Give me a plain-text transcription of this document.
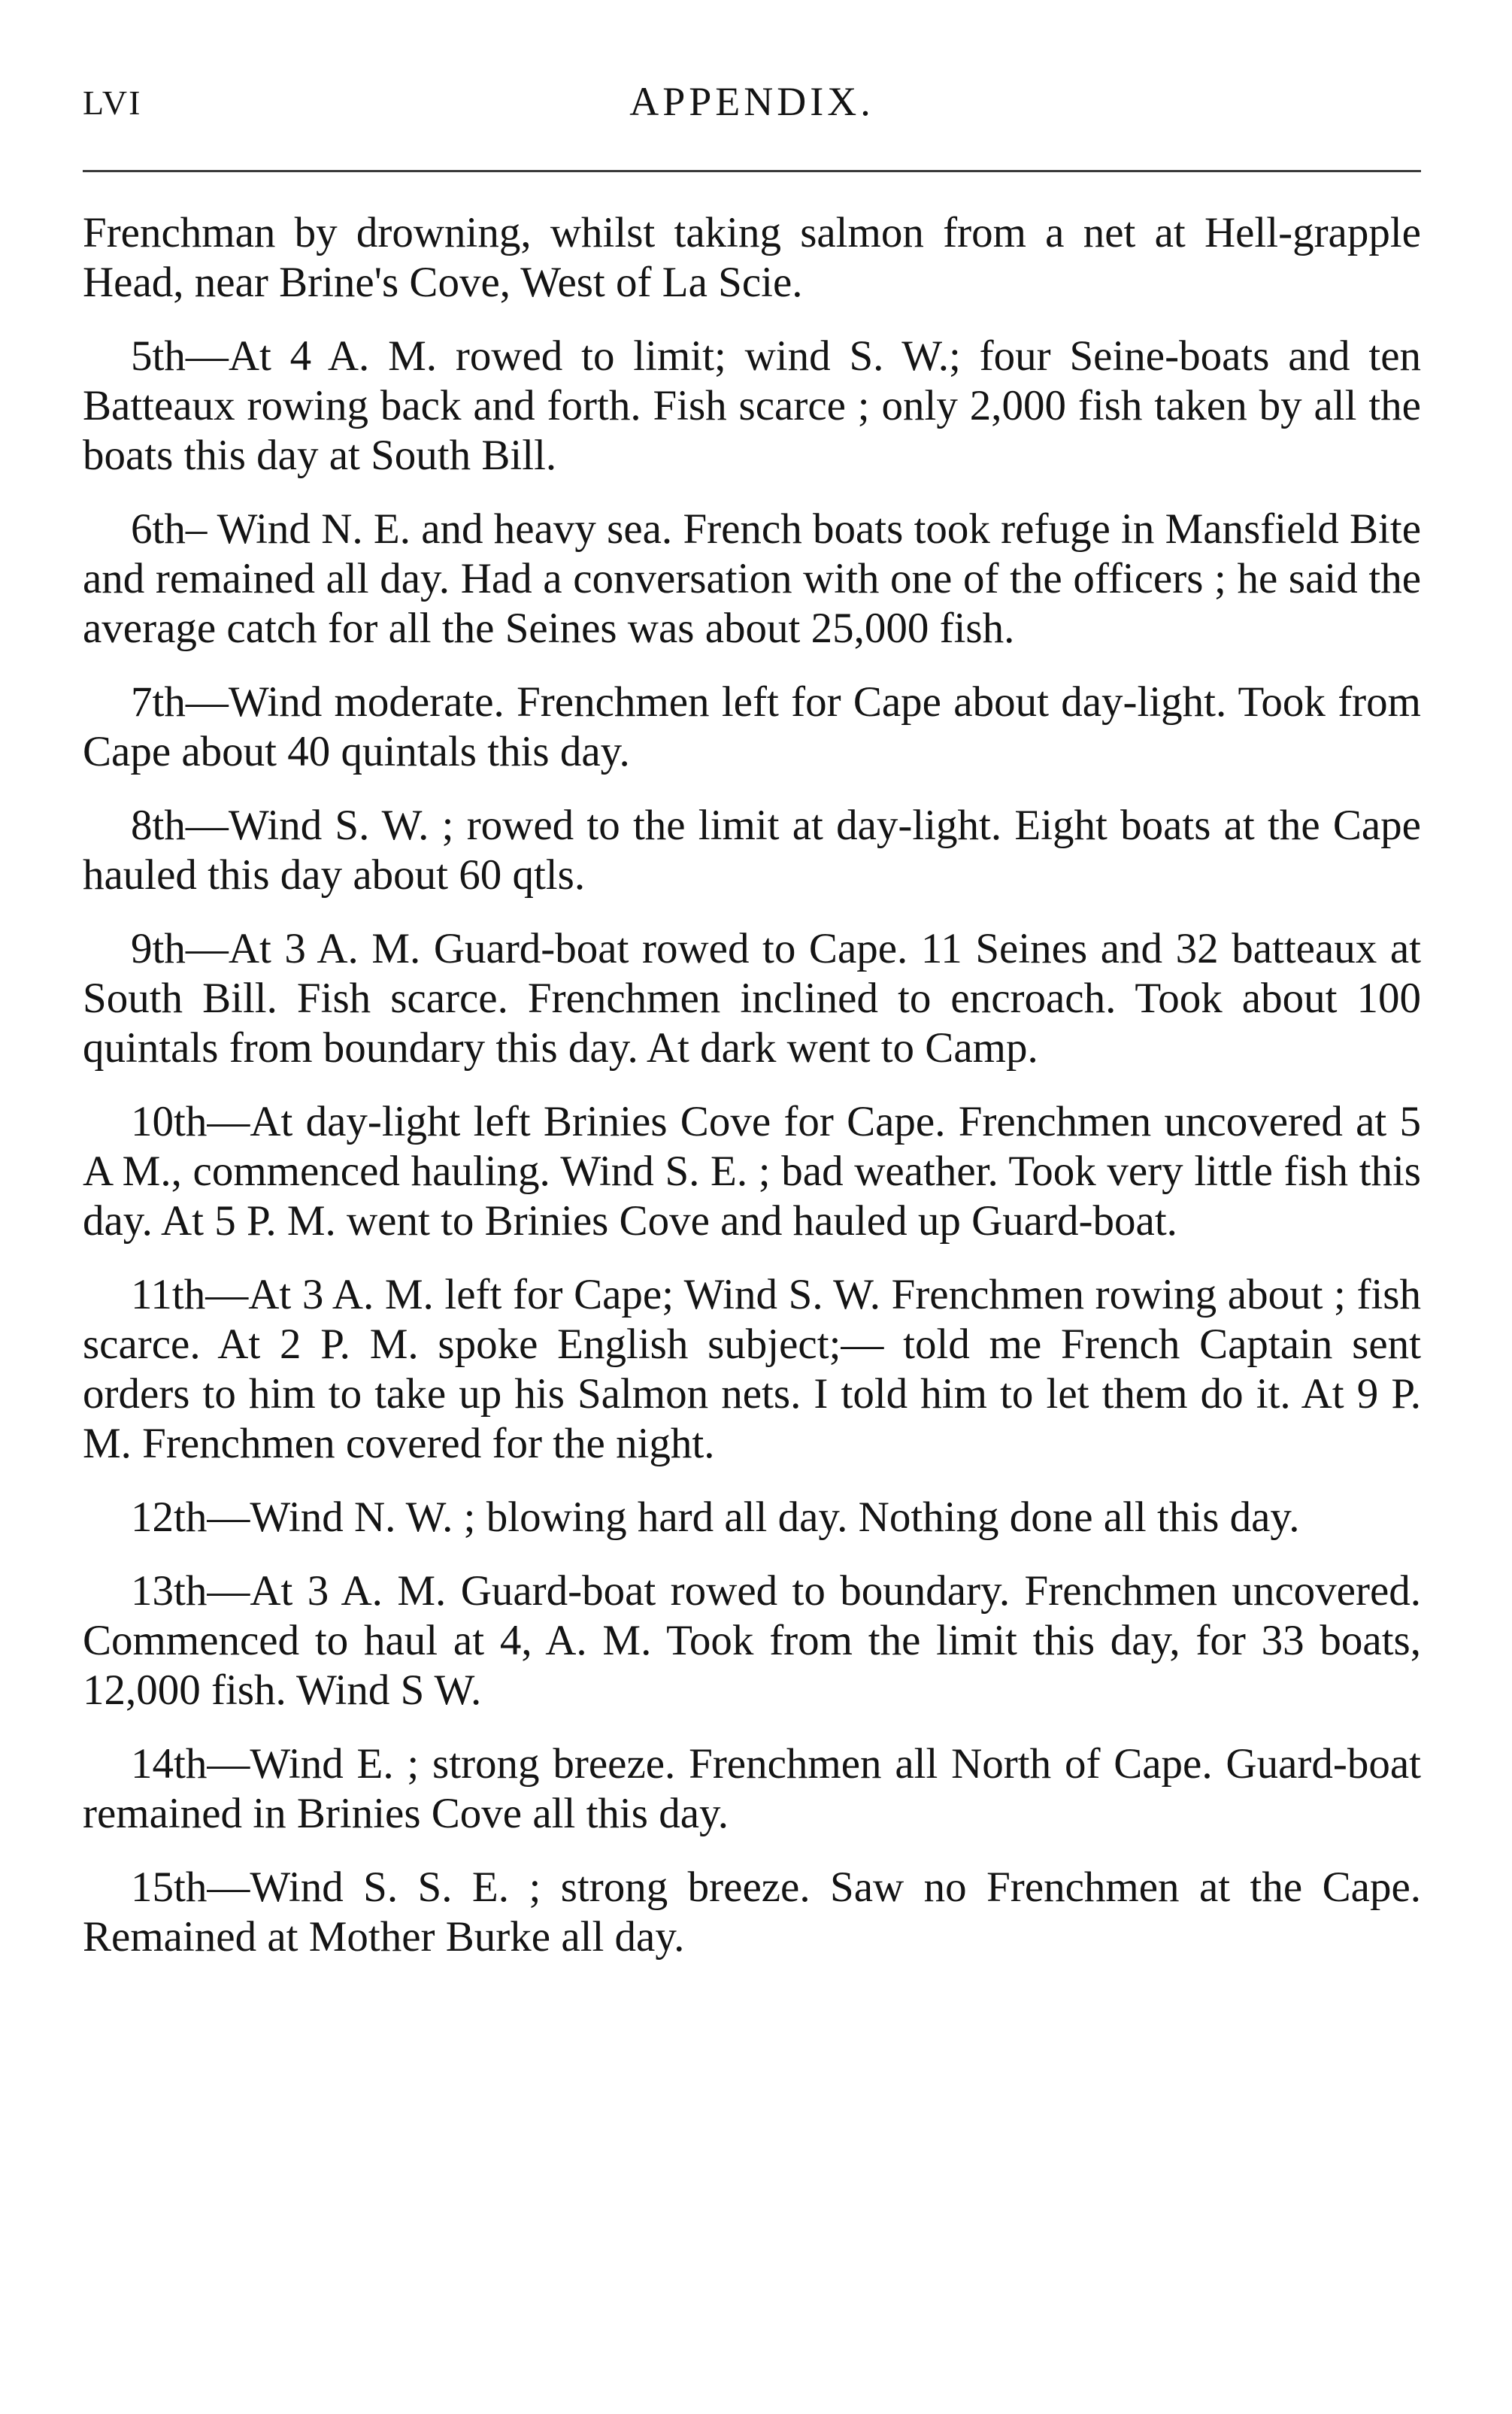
LVI	APPENDIX.

Frenchman by drowning, whilst taking salmon from a net at Hell-grapple Head, near Brine's Cove, West of La Scie.

5th—At 4 A. M. rowed to limit; wind S. W.; four Seine-boats and ten Batteaux rowing back and forth. Fish scarce ; only 2,000 fish taken by all the boats this day at South Bill.

6th– Wind N. E. and heavy sea. French boats took refuge in Mansfield Bite and remained all day. Had a conversation with one of the officers ; he said the average catch for all the Seines was about 25,000 fish.

7th—Wind moderate. Frenchmen left for Cape about day-light. Took from Cape about 40 quintals this day.

8th—Wind S. W. ; rowed to the limit at day-light. Eight boats at the Cape hauled this day about 60 qtls.

9th—At 3 A. M. Guard-boat rowed to Cape. 11 Seines and 32 batteaux at South Bill. Fish scarce. Frenchmen inclined to encroach. Took about 100 quintals from boundary this day. At dark went to Camp.

10th—At day-light left Brinies Cove for Cape. Frenchmen uncovered at 5 A M., commenced hauling. Wind S. E. ; bad weather. Took very little fish this day. At 5 P. M. went to Brinies Cove and hauled up Guard-boat.

11th—At 3 A. M. left for Cape; Wind S. W. Frenchmen rowing about ; fish scarce. At 2 P. M. spoke English subject;— told me French Captain sent orders to him to take up his Salmon nets. I told him to let them do it. At 9 P. M. Frenchmen covered for the night.

12th—Wind N. W. ; blowing hard all day. Nothing done all this day.

13th—At 3 A. M. Guard-boat rowed to boundary. Frenchmen uncovered. Commenced to haul at 4, A. M. Took from the limit this day, for 33 boats, 12,000 fish. Wind S W.

14th—Wind E. ; strong breeze. Frenchmen all North of Cape. Guard-boat remained in Brinies Cove all this day.

15th—Wind S. S. E. ; strong breeze. Saw no Frenchmen at the Cape. Remained at Mother Burke all day.
